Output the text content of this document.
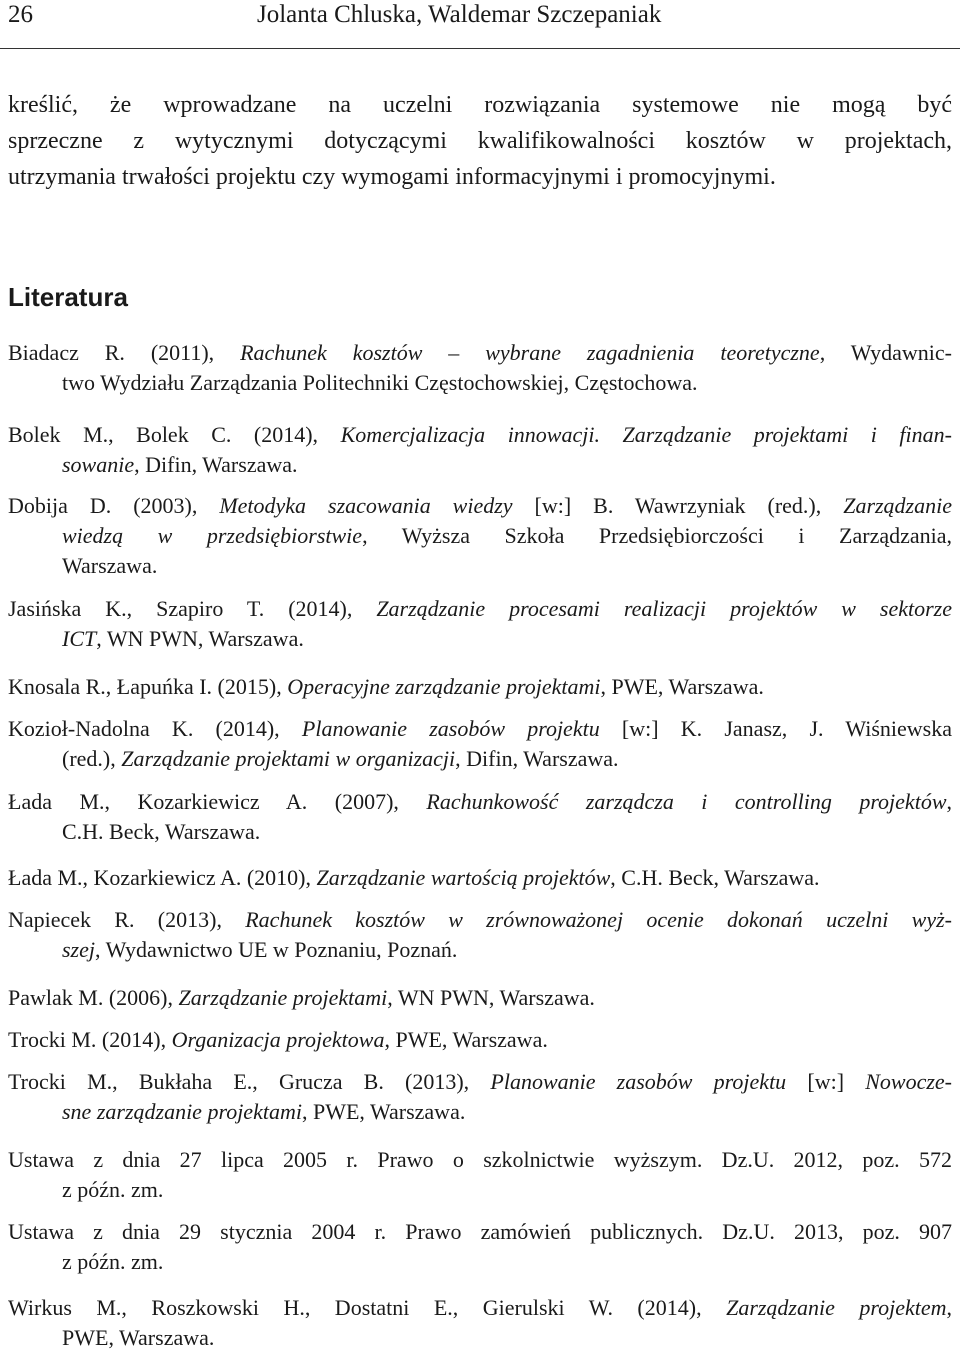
26	Jolanta Chluska, Waldemar Szczepaniak

kreślić, że wprowadzane na uczelni rozwiązania systemowe nie mogą być
sprzeczne z wytycznymi dotyczącymi kwalifikowalności kosztów w projektach,
utrzymania trwałości projektu czy wymogami informacyjnymi i promocyjnymi.

Literatura
Biadacz R. (2011), Rachunek kosztów – wybrane zagadnienia teoretyczne, Wydawnic-
two Wydziału Zarządzania Politechniki Częstochowskiej, Częstochowa.
Bolek M., Bolek C. (2014), Komercjalizacja innowacji. Zarządzanie projektami i finan-
sowanie, Difin, Warszawa.
Dobija D. (2003), Metodyka szacowania wiedzy [w:] B. Wawrzyniak (red.), Zarządzanie
wiedzą w przedsiębiorstwie, Wyższa Szkoła Przedsiębiorczości i Zarządzania,
Warszawa.
Jasińska K., Szapiro T. (2014), Zarządzanie procesami realizacji projektów w sektorze
ICT, WN PWN, Warszawa.
Knosala R., Łapuńka I. (2015), Operacyjne zarządzanie projektami, PWE, Warszawa.
Kozioł-Nadolna K. (2014), Planowanie zasobów projektu [w:] K. Janasz, J. Wiśniewska
(red.), Zarządzanie projektami w organizacji, Difin, Warszawa.
Łada M., Kozarkiewicz A. (2007), Rachunkowość zarządcza i controlling projektów,
C.H. Beck, Warszawa.
Łada M., Kozarkiewicz A. (2010), Zarządzanie wartością projektów, C.H. Beck, Warszawa.
Napiecek R. (2013), Rachunek kosztów w zrównoważonej ocenie dokonań uczelni wyż-
szej, Wydawnictwo UE w Poznaniu, Poznań.
Pawlak M. (2006), Zarządzanie projektami, WN PWN, Warszawa.
Trocki M. (2014), Organizacja projektowa, PWE, Warszawa.
Trocki M., Bukłaha E., Grucza B. (2013), Planowanie zasobów projektu [w:] Nowocze-
sne zarządzanie projektami, PWE, Warszawa.
Ustawa z dnia 27 lipca 2005 r. Prawo o szkolnictwie wyższym. Dz.U. 2012, poz. 572
z późn. zm.
Ustawa z dnia 29 stycznia 2004 r. Prawo zamówień publicznych. Dz.U. 2013, poz. 907
z późn. zm.
Wirkus M., Roszkowski H., Dostatni E., Gierulski W. (2014), Zarządzanie projektem,
PWE, Warszawa.
